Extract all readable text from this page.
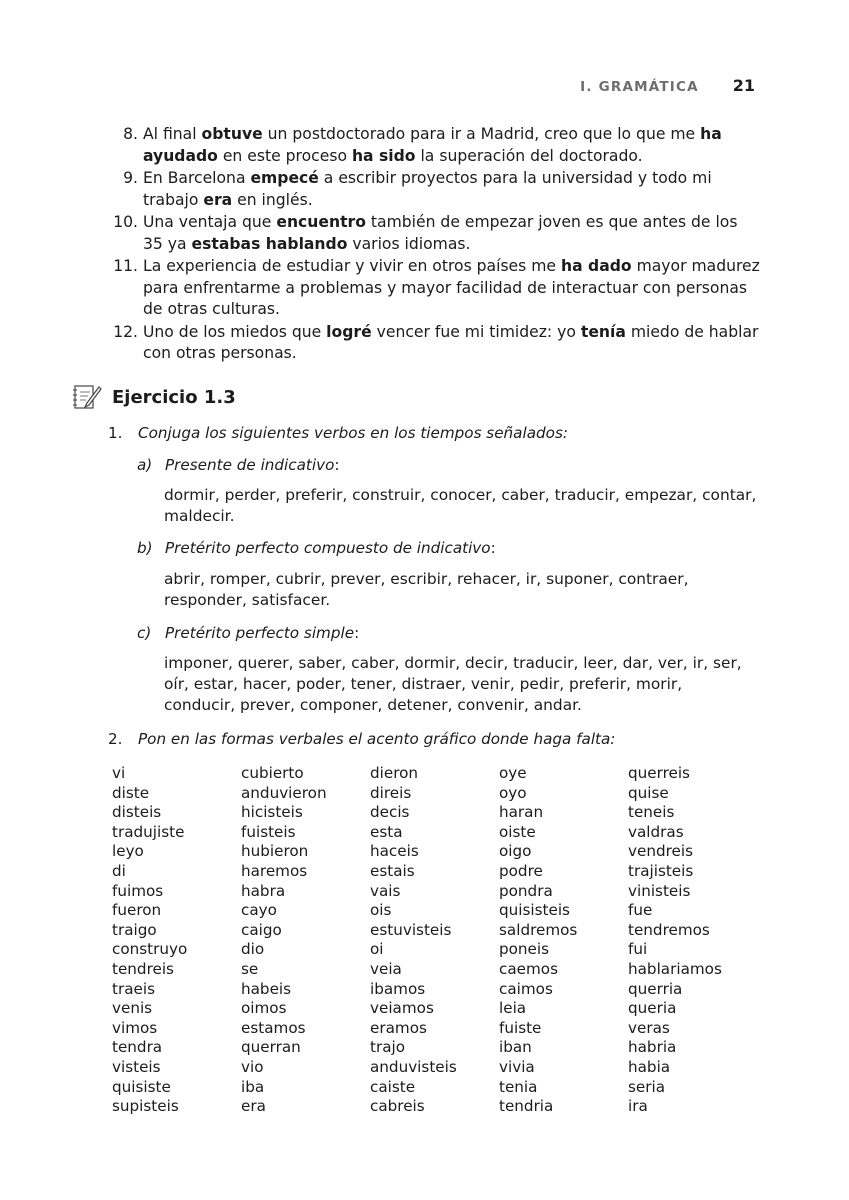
I. GRAMÁTICA 21
8. Al final obtuve un postdoctorado para ir a Madrid, creo que lo que me ha ayudado en este proceso ha sido la superación del doctorado.
9. En Barcelona empecé a escribir proyectos para la universidad y todo mi trabajo era en inglés.
10. Una ventaja que encuentro también de empezar joven es que antes de los 35 ya estabas hablando varios idiomas.
11. La experiencia de estudiar y vivir en otros países me ha dado mayor madurez para enfrentarme a problemas y mayor facilidad de interactuar con personas de otras culturas.
12. Uno de los miedos que logré vencer fue mi timidez: yo tenía miedo de hablar con otras personas.
Ejercicio 1.3
1.	Conjuga los siguientes verbos en los tiempos señalados:
a) Presente de indicativo :
dormir, perder, preferir, construir, conocer, caber, traducir, empezar, contar, maldecir.
b) Pretérito perfecto compuesto de indicativo :
abrir, romper, cubrir, prever, escribir, rehacer, ir, suponer, contraer, responder, satisfacer.
c) Pretérito perfecto simple :
imponer, querer, saber, caber, dormir, decir, traducir, leer, dar, ver, ir, ser, oír, estar, hacer, poder, tener, distraer, venir, pedir, preferir, morir, conducir, prever, componer, detener, convenir, andar.
2.	Pon en las formas verbales el acento gráfico donde haga falta:
vi
diste
disteis
tradujiste
leyo
di
fuimos
fueron
traigo
construyo
tendreis
traeis
venis
vimos
tendra
visteis
quisiste
supisteis
cubierto
anduvieron
hicisteis
fuisteis
hubieron
haremos
habra
cayo
caigo
dio
se
habeis
oimos
estamos
querran
vio
iba
era
dieron
direis
decis
esta
haceis
estais
vais
ois
estuvisteis
oi
veia
ibamos
veiamos
eramos
trajo
anduvisteis
caiste
cabreis
oye
oyo
haran
oiste
oigo
podre
pondra
quisisteis
saldremos
poneis
caemos
caimos
leia
fuiste
iban
vivia
tenia
tendria
querreis
quise
teneis
valdras
vendreis
trajisteis
vinisteis
fue
tendremos
fui
hablariamos
querria
queria
veras
habria
habia
seria
ira
